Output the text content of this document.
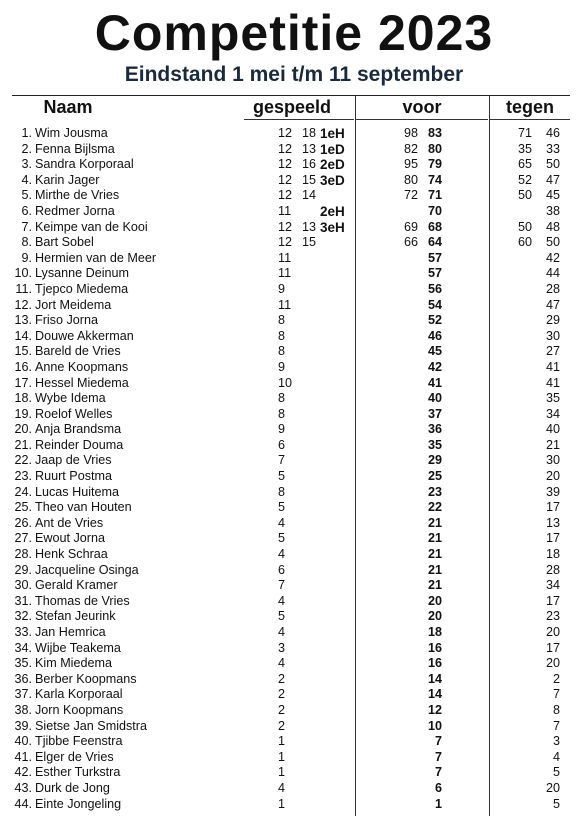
Competitie 2023
Eindstand 1 mei t/m 11 september
Naam	gespeeld	voor	tegen
1. Wim Jousma	12 18 1eH	98 83	71 46
2. Fenna Bijlsma	12 13 1eD	82 80	35 33
3. Sandra Korporaal	12 16 2eD	95 79	65 50
4. Karin Jager	12 15 3eD	80 74	52 47
5. Mirthe de Vries	12 14	72 71	50 45
6. Redmer Jorna	11 2eH	70	38
7. Keimpe van de Kooi	12 13 3eH	69 68	50 48
8. Bart Sobel	12 15	66 64	60 50
9. Hermien van de Meer	11	57	42
10. Lysanne Deinum	11	57	44
11. Tjepco Miedema	9	56	28
12. Jort Meidema	11	54	47
13. Friso Jorna	8	52	29
14. Douwe Akkerman	8	46	30
15. Bareld de Vries	8	45	27
16. Anne Koopmans	9	42	41
17. Hessel Miedema	10	41	41
18. Wybe Idema	8	40	35
19. Roelof Welles	8	37	34
20. Anja Brandsma	9	36	40
21. Reinder Douma	6	35	21
22. Jaap de Vries	7	29	30
23. Ruurt Postma	5	25	20
24. Lucas Huitema	8	23	39
25. Theo van Houten	5	22	17
26. Ant de Vries	4	21	13
27. Ewout Jorna	5	21	17
28. Henk Schraa	4	21	18
29. Jacqueline Osinga	6	21	28
30. Gerald Kramer	7	21	34
31. Thomas de Vries	4	20	17
32. Stefan Jeurink	5	20	23
33. Jan Hemrica	4	18	20
34. Wijbe Teakema	3	16	17
35. Kim Miedema	4	16	20
36. Berber Koopmans	2	14	2
37. Karla Korporaal	2	14	7
38. Jorn Koopmans	2	12	8
39. Sietse Jan Smidstra	2	10	7
40. Tjibbe Feenstra	1	7	3
41. Elger de Vries	1	7	4
42. Esther Turkstra	1	7	5
43. Durk de Jong	4	6	20
44. Einte Jongeling	1	1	5
